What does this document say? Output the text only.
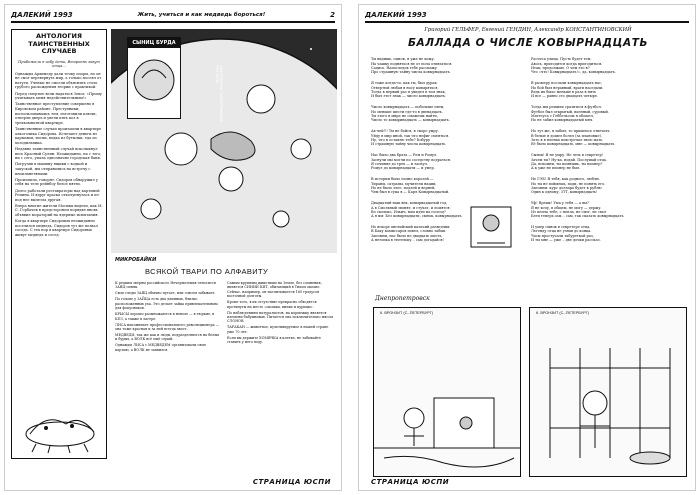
ДАЛЕКИЙ 1993	Жить, учиться и как медведь бороться!	2
АНТОЛОГИЯ ТАИНСТВЕННЫХ СЛУЧАЕВ
Прибежали в избу дети, Второпях зовут отца...

Однажды Архимеду дали точку опоры, но он не смог перевернуть мир, а только посеял от натуги. Ученые не смогли объяснить столь грубого расхождения теории с практикой.

Перед смертью вели надаться Зевса: «Прошу учитывать меня недействительным!»

Таинственное преступление совершено в Кировском районе. Преступники, воспользовавшись тем, изготовили ключи, отперли дверь и увели пять коз в трехкомнатной квартире.

Таинственные случаи произошли в квартире алкоголика Сидорова. Исчезают деньги из карманов, носки, водка из бутылки, еда из холодильника.

Недавно таинственный случай всколыхнул весь Красный Сулин. Неожиданно, на с того, ни с сего, упала однозначно городская баня.

Погрузив в машину ящики с водкой и закуской, мы отправились на встречу с инопланетянами.

Произошло, говорят, Сидоров обнаружил у себя на теле рейнбоу белое пятно.

Долго работали реставраторы над картиной Репина. И вдруг краска отколупнулась и из-под нее вылезла другая.

Вчера многие жители Москвы видели, как М. С. Горбачев в предсторонем порядке вновь объявил мораторий на ядерные испытания.

Когда в квартире Сидоровых неожиданно поселился медведь, Сидоров тут же позвал соседа. С тех пор в квартире Сидоровых живут медведь и сосед.

СЫНИЦ БУРДА
«АНТОЛОГИЯ ТАИНСТВЕННЫХ СЛУЧАЕВ»
МИКРОБАЙКИ
ВСЯКОЙ ТВАРИ ПО АЛФАВИТУ

К редким зверям российского Нечерноземья относится ЗАЯЦ-синяк.

Свои следы ЗАЯЦ обычно путает, или совсем забывает.

По голове у ЗАЙЦА есть два длинных, близко расположенных уха. Это делает зайца привлекательным для фокусников.

КРЫСЫ хорошо размножаются в неволе — в тюрьме, в КПЗ, а также в лагере.

ЛИСА напоминает профессионального революционера — она тоже красная и за ней всегда хвост.

МЕДВЕДИ, так же как и люди, подразделяются на белых и бурых, а ВОЛК всё ещё серый.

Однажды ЛИСА с МЕДВЕДЕМ организовали свою партию, а ВОЛК не заявился.

Самым крупным животным на Земле, без сомнения, является СИНИЙ КИТ, обитающий в Тихом океане. Сейчас, например, он насчитывается 160 градусов восточной долготы.

Кроме того, в их отсутствие прекрасно обходятся проткнуты на место «окошка, вилки и курицы».

По наблюдениям натуралистов, на кормежку является племени бабуиновых. Питается она исключительно мясом СЛОНОВ.

ТАРАКАН — животное, культивируемое в нашей стране уже 70 лет.

Если вы держите ХОМЯЧКА в клетке, не забывайте ставить у него воду.

СТРАНИЦА ЮСПИ
ДАЛЕКИЙ 1993
Григорий ГЕЛЬФЕР, Евгений ГЕНДИН, Александр КОНСТАНТИНОВСКИЙ
БАЛЛАДА О ЧИСЛЕ КОВЫРНАДЦАТЬ

Ты видишь, сынок, я уже не хожу.
На чашку подняться не от пола отвязаться.
Садись. Напоследок тебе расскажу
Про страшную тайну числа ковырнадцать.

Я тоже когда-то, как ты, был дурак.
Отвертюй любая в носу ковыряться.
Тогда в первый раз я увидел в том знак,
И был этот знак — число ковырнадцать.

Число ковырнадцать — побольше пяти,
Но меньше шести где-то в двенадцать.
Ты этого в мире не сможешь найти,
Число то ковыринадцать — ковырнадцать.

Ах-чей!!! Ты не бойся, я скоро умру.
Уйду в мир иной, так что нефиг смеяться.
Ну, что я оставлю тебе? Кобуру
И страшную тайну числа ковырнадцать.

Нас было два брата — Рем и Ромул.
Заснули мы могли по соседству подраться.
Я сочинял до трех — и заснул.
Ромул до ковырнадцати — и умер.

В истории было полно королей —
Тираны, сатрапы, мучители нации,
Но не было злее, подлей и верней,
Чем был в сука в — Карл Ковырнадцатый.

Двадцатый наш век, ковырнадцатый год,
А в Смольный звонят, и стучат, и ломятся:
Во сколько, Ильич, нам идти на господ?
А я им: Без ковырнадцати, сынок, ковырнадцать.

Но вскоре английский казачий разведчик
В Баку комиссаров повел, словно забыв.
Запомни, нас было не двадцать шесть,
А нетопка в тютельку... сам догадайся!

Расчеса улица. Пусть будет тем.
Авось, пригодится когда пригодиться.
Итак, продолжаю. О чем это я?
Что «что! Ковырнадцать!», да, ковырнадцать.

В размеру послали ковырнадцать нас,
Но бой был неравный, враги наседали.
Ведь их было меньше в раза в пять
И все — равно сто двадцать четыре.

Тогда мы решили сразиться в футбол.
Футбол был открытый, военный, суровый.
Маттеуса с Геббельсом я обошел,
Но не забил ковырнадцатый мяч.

Но тут же, я забыл, то пришлось отвечать.
В белые я дошел болел (за плановые).
Зато я в пленах повстречал твою мать.
Её было ковырнадцать, мне — ковырнадцать.

Сынок! Я не умру. Не лезь в секретер!
Зачем ты? Ну-ка, подай. Послушай отца.
Да, вспомни, ты помнишь, ты пионер?
А к уже не пионер не был.

Не ГЭБ! Я тебя, как родного, люблю.
Но ты не поймешь, поди, не понять его.
Запомни: курс доллара будет к рублю
Один к одному, ЗТТ, ковырнадцать!

Уф! Врешь! Ума у тебя — а вы?
Я не хочу, в общем, не могу — держу.
Из пепла тебе, с пепла, не смог, не смог
Беги теперь сам... сам, так сказать ковырнадцать.

И умер сынок в секретере отца,
Легенду отца не узнав до конца.
Часы простучали табуреткой раз,
И ты мне — уже ...две дочки рассказ.

Днепропетровск
К. ВРОНЗИТ (С.-ПЕТЕРБУРГ)	К. ВРОНЗИТ (С.-ПЕТЕРБУРГ)
СТРАНИЦА ЮСПИ
